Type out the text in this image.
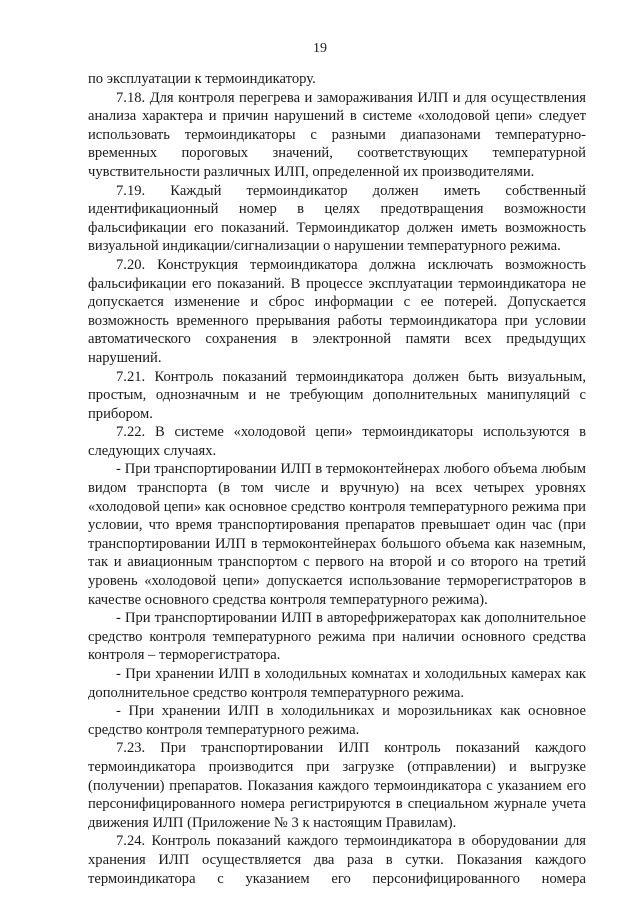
19

по эксплуатации к термоиндикатору.

7.18. Для контроля перегрева и замораживания ИЛП и для осуществления анализа характера и причин нарушений в системе «холодовой цепи» следует использовать термоиндикаторы с разными диапазонами температурно-временных пороговых значений, соответствующих температурной чувствительности различных ИЛП, определенной их производителями.

7.19. Каждый термоиндикатор должен иметь собственный идентификационный номер в целях предотвращения возможности фальсификации его показаний. Термоиндикатор должен иметь возможность визуальной индикации/сигнализации о нарушении температурного режима.

7.20. Конструкция термоиндикатора должна исключать возможность фальсификации его показаний. В процессе эксплуатации термоиндикатора не допускается изменение и сброс информации с ее потерей. Допускается возможность временного прерывания работы термоиндикатора при условии автоматического сохранения в электронной памяти всех предыдущих нарушений.

7.21. Контроль показаний термоиндикатора должен быть визуальным, простым, однозначным и не требующим дополнительных манипуляций с прибором.

7.22. В системе «холодовой цепи» термоиндикаторы используются в следующих случаях.

- При транспортировании ИЛП в термоконтейнерах любого объема любым видом транспорта (в том числе и вручную) на всех четырех уровнях «холодовой цепи» как основное средство контроля температурного режима при условии, что время транспортирования препаратов превышает один час (при транспортировании ИЛП в термоконтейнерах большого объема как наземным, так и авиационным транспортом с первого на второй и со второго на третий уровень «холодовой цепи» допускается использование терморегистраторов в качестве основного средства контроля температурного режима).

- При транспортировании ИЛП в авторефрижераторах как дополнительное средство контроля температурного режима при наличии основного средства контроля – терморегистратора.

- При хранении ИЛП в холодильных комнатах и холодильных камерах как дополнительное средство контроля температурного режима.

- При хранении ИЛП в холодильниках и морозильниках как основное средство контроля температурного режима.

7.23. При транспортировании ИЛП контроль показаний каждого термоиндикатора производится при загрузке (отправлении) и выгрузке (получении) препаратов. Показания каждого термоиндикатора с указанием его персонифицированного номера регистрируются в специальном журнале учета движения ИЛП (Приложение № 3 к настоящим Правилам).

7.24. Контроль показаний каждого термоиндикатора в оборудовании для хранения ИЛП осуществляется два раза в сутки. Показания каждого термоиндикатора с указанием его персонифицированного номера
